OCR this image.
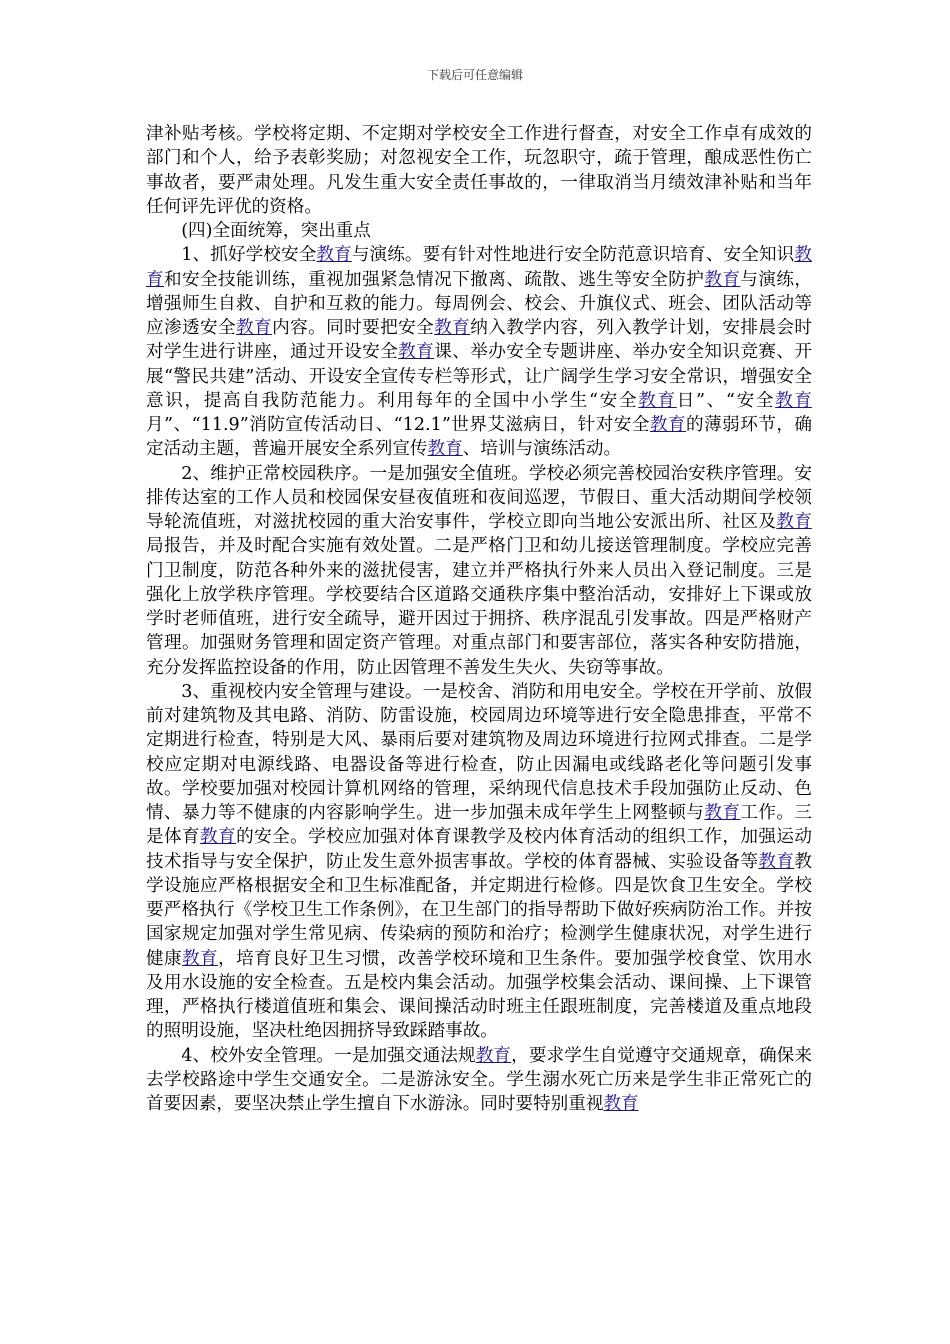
下载后可任意编辑

津补贴考核。学校将定期、不定期对学校安全工作进行督查，对安全工作卓有成效的部门和个人，给予表彰奖励；对忽视安全工作，玩忽职守，疏于管理，酿成恶性伤亡事故者，要严肃处理。凡发生重大安全责任事故的，一律取消当月绩效津补贴和当年任何评先评优的资格。

(四)全面统筹，突出重点

1、抓好学校安全教育与演练。要有针对性地进行安全防范意识培育、安全知识教育和安全技能训练，重视加强紧急情况下撤离、疏散、逃生等安全防护教育与演练，增强师生自救、自护和互救的能力。每周例会、校会、升旗仪式、班会、团队活动等应渗透安全教育内容。同时要把安全教育纳入教学内容，列入教学计划，安排晨会时对学生进行讲座，通过开设安全教育课、举办安全专题讲座、举办安全知识竞赛、开展“警民共建”活动、开设安全宣传专栏等形式，让广阔学生学习安全常识，增强安全意识，提高自我防范能力。利用每年的全国中小学生“安全教育日”、“安全教育月”、“11.9”消防宣传活动日、“12.1”世界艾滋病日，针对安全教育的薄弱环节，确定活动主题，普遍开展安全系列宣传教育、培训与演练活动。

2、维护正常校园秩序。一是加强安全值班。学校必须完善校园治安秩序管理。安排传达室的工作人员和校园保安昼夜值班和夜间巡逻，节假日、重大活动期间学校领导轮流值班，对滋扰校园的重大治安事件，学校立即向当地公安派出所、社区及教育局报告，并及时配合实施有效处置。二是严格门卫和幼儿接送管理制度。学校应完善门卫制度，防范各种外来的滋扰侵害，建立并严格执行外来人员出入登记制度。三是强化上放学秩序管理。学校要结合区道路交通秩序集中整治活动，安排好上下课或放学时老师值班，进行安全疏导，避开因过于拥挤、秩序混乱引发事故。四是严格财产管理。加强财务管理和固定资产管理。对重点部门和要害部位，落实各种安防措施，充分发挥监控设备的作用，防止因管理不善发生失火、失窃等事故。

3、重视校内安全管理与建设。一是校舍、消防和用电安全。学校在开学前、放假前对建筑物及其电路、消防、防雷设施，校园周边环境等进行安全隐患排查，平常不定期进行检查，特别是大风、暴雨后要对建筑物及周边环境进行拉网式排查。二是学校应定期对电源线路、电器设备等进行检查，防止因漏电或线路老化等问题引发事故。学校要加强对校园计算机网络的管理，采纳现代信息技术手段加强防止反动、色情、暴力等不健康的内容影响学生。进一步加强未成年学生上网整顿与教育工作。三是体育教育的安全。学校应加强对体育课教学及校内体育活动的组织工作，加强运动技术指导与安全保护，防止发生意外损害事故。学校的体育器械、实验设备等教育教学设施应严格根据安全和卫生标准配备，并定期进行检修。四是饮食卫生安全。学校要严格执行《学校卫生工作条例》，在卫生部门的指导帮助下做好疾病防治工作。并按国家规定加强对学生常见病、传染病的预防和治疗；检测学生健康状况，对学生进行健康教育，培育良好卫生习惯，改善学校环境和卫生条件。要加强学校食堂、饮用水及用水设施的安全检查。五是校内集会活动。加强学校集会活动、课间操、上下课管理，严格执行楼道值班和集会、课间操活动时班主任跟班制度，完善楼道及重点地段的照明设施，坚决杜绝因拥挤导致踩踏事故。

4、校外安全管理。一是加强交通法规教育，要求学生自觉遵守交通规章，确保来去学校路途中学生交通安全。二是游泳安全。学生溺水死亡历来是学生非正常死亡的首要因素，要坚决禁止学生擅自下水游泳。同时要特别重视教育
